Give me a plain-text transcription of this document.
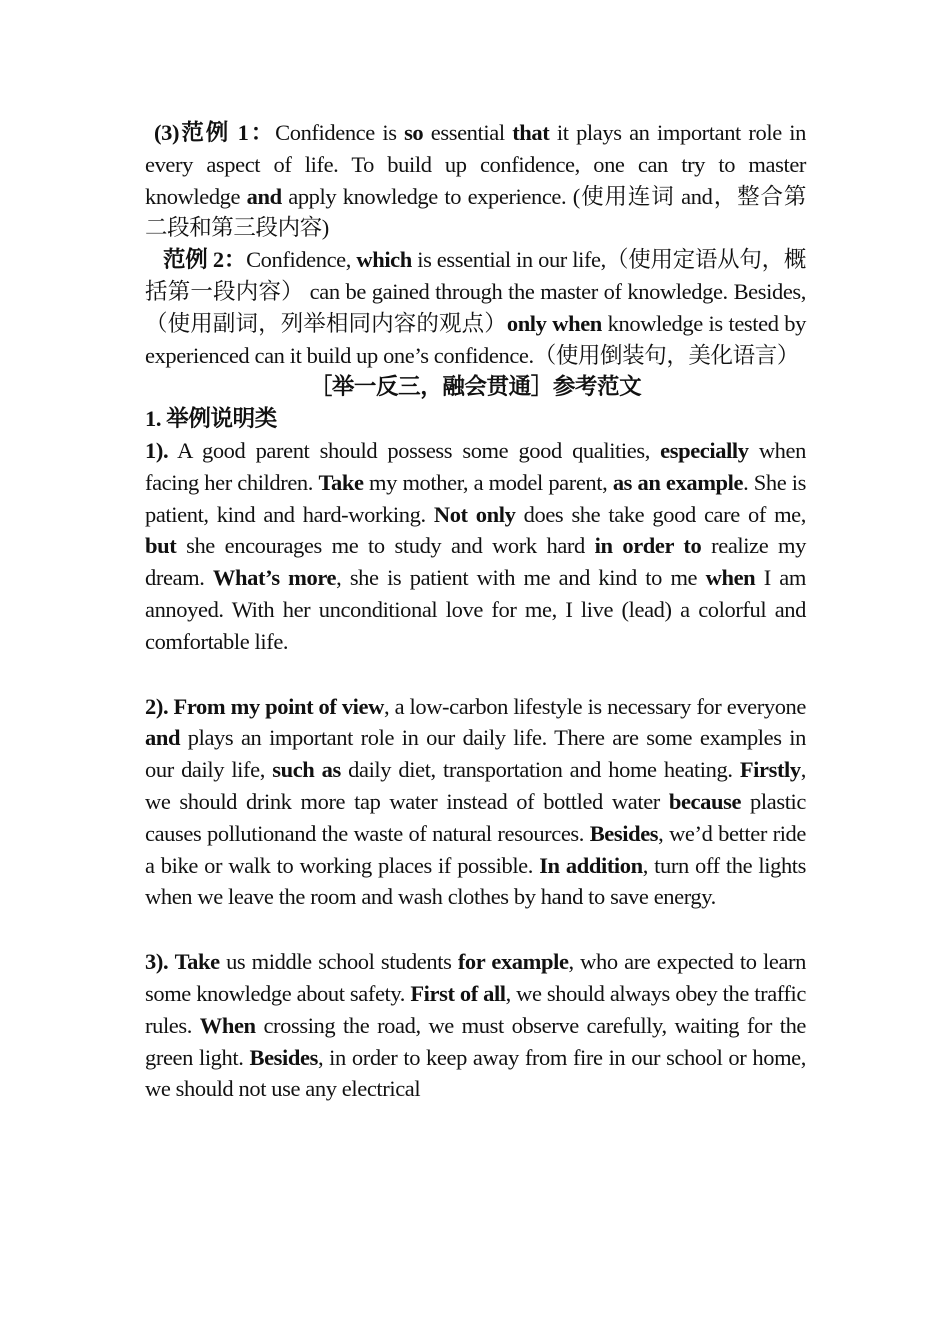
(3)范例 1：Confidence is so essential that it plays an important role in every aspect of life. To build up confidence, one can try to master knowledge and apply knowledge to experience. (使用连词 and，整合第二段和第三段内容)

范例 2：Confidence, which is essential in our life,（使用定语从句，概括第一段内容） can be gained through the master of knowledge. Besides,（使用副词，列举相同内容的观点）only when knowledge is tested by experienced can it build up one’s confidence.（使用倒装句，美化语言）

［举一反三，融会贯通］参考范文

1. 举例说明类

1). A good parent should possess some good qualities, especially when facing her children. Take my mother, a model parent, as an example. She is patient, kind and hard-working. Not only does she take good care of me, but she encourages me to study and work hard in order to realize my dream. What’s more, she is patient with me and kind to me when I am annoyed. With her unconditional love for me, I live (lead) a colorful and comfortable life.

2). From my point of view, a low-carbon lifestyle is necessary for everyone and plays an important role in our daily life. There are some examples in our daily life, such as daily diet, transportation and home heating. Firstly, we should drink more tap water instead of bottled water because plastic causes pollutionand the waste of natural resources. Besides, we’d better ride a bike or walk to working places if possible. In addition, turn off the lights when we leave the room and wash clothes by hand to save energy.

3). Take us middle school students for example, who are expected to learn some knowledge about safety. First of all, we should always obey the traffic rules. When crossing the road, we must observe carefully, waiting for the green light. Besides, in order to keep away from fire in our school or home, we should not use any electrical
